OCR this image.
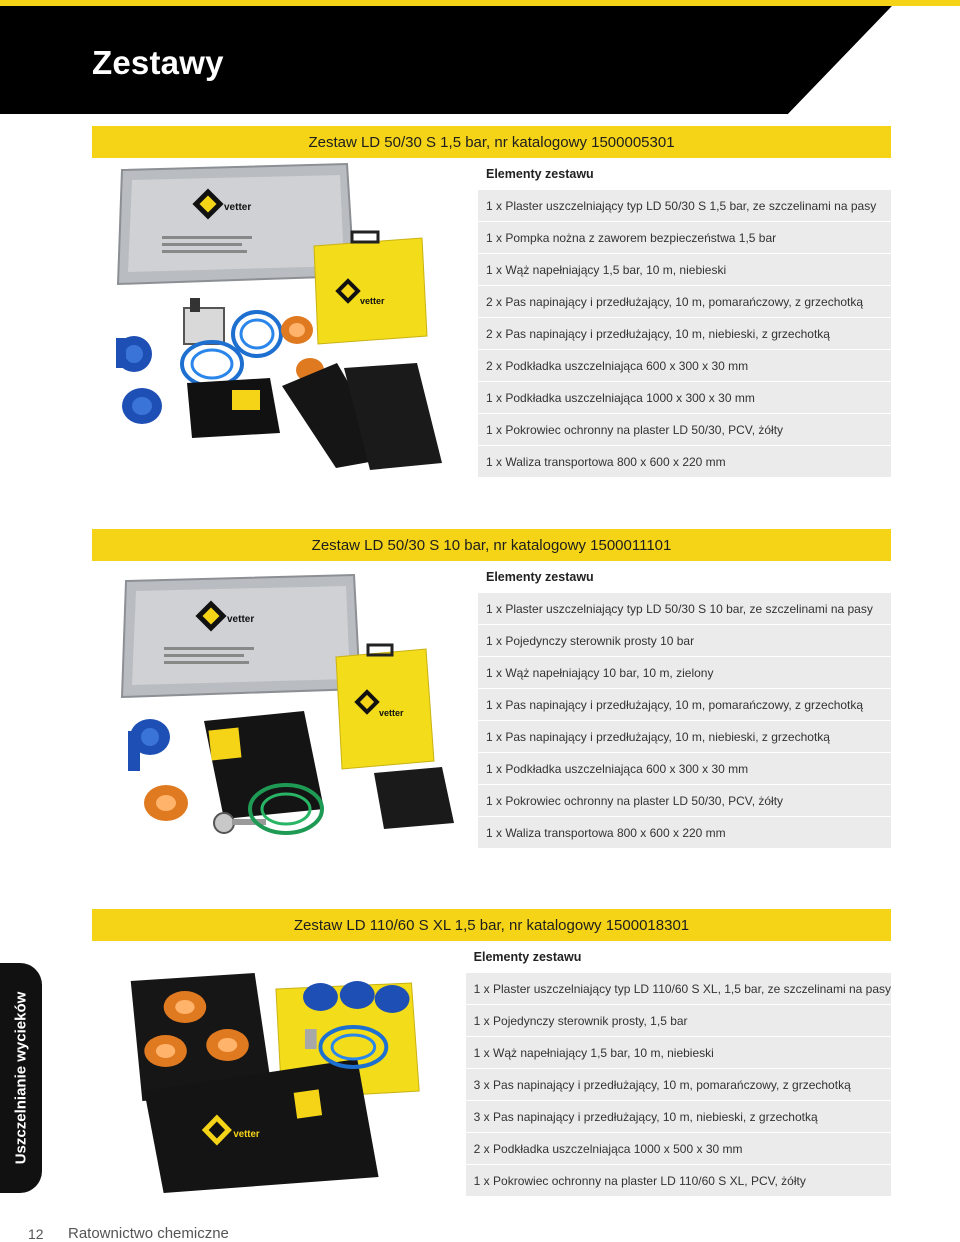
Zestawy
Zestaw LD 50/30 S 1,5 bar, nr katalogowy 1500005301
vetter
vetter
Elementy zestawu
1 x Plaster uszczelniający typ LD 50/30 S 1,5 bar, ze szczelinami na pasy
1 x Pompka nożna z zaworem bezpieczeństwa 1,5 bar
1 x Wąż napełniający 1,5 bar, 10 m, niebieski
2 x Pas napinający i przedłużający, 10 m, pomarańczowy, z grzechotką
2 x Pas napinający i przedłużający, 10 m, niebieski, z grzechotką
2 x Podkładka uszczelniająca 600 x 300 x 30 mm
1 x Podkładka uszczelniająca 1000 x 300 x 30 mm
1 x Pokrowiec ochronny na plaster LD 50/30, PCV, żółty
1 x Waliza transportowa 800 x 600 x 220 mm
Zestaw LD 50/30 S 10 bar, nr katalogowy 1500011101
vetter
vetter
Elementy zestawu
1 x Plaster uszczelniający typ LD 50/30 S 10 bar, ze szczelinami na pasy
1 x Pojedynczy sterownik prosty 10 bar
1 x Wąż napełniający 10 bar, 10 m, zielony
1 x Pas napinający i przedłużający, 10 m, pomarańczowy, z grzechotką
1 x Pas napinający i przedłużający, 10 m, niebieski, z grzechotką
1 x Podkładka uszczelniająca 600 x 300 x 30 mm
1 x Pokrowiec ochronny na plaster LD 50/30, PCV, żółty
1 x Waliza transportowa 800 x 600 x 220 mm
Zestaw LD 110/60 S XL 1,5 bar, nr katalogowy 1500018301
vetter
Elementy zestawu
1 x Plaster uszczelniający typ LD 110/60 S XL, 1,5 bar, ze szczelinami na pasy
1 x Pojedynczy sterownik prosty, 1,5 bar
1 x Wąż napełniający 1,5 bar, 10 m, niebieski
3 x Pas napinający i przedłużający, 10 m, pomarańczowy, z grzechotką
3 x Pas napinający i przedłużający, 10 m, niebieski, z grzechotką
2 x Podkładka uszczelniająca 1000 x 500 x 30 mm
1 x Pokrowiec ochronny na plaster LD 110/60 S XL, PCV, żółty
Uszczelnianie wycieków
12 Ratownictwo chemiczne
